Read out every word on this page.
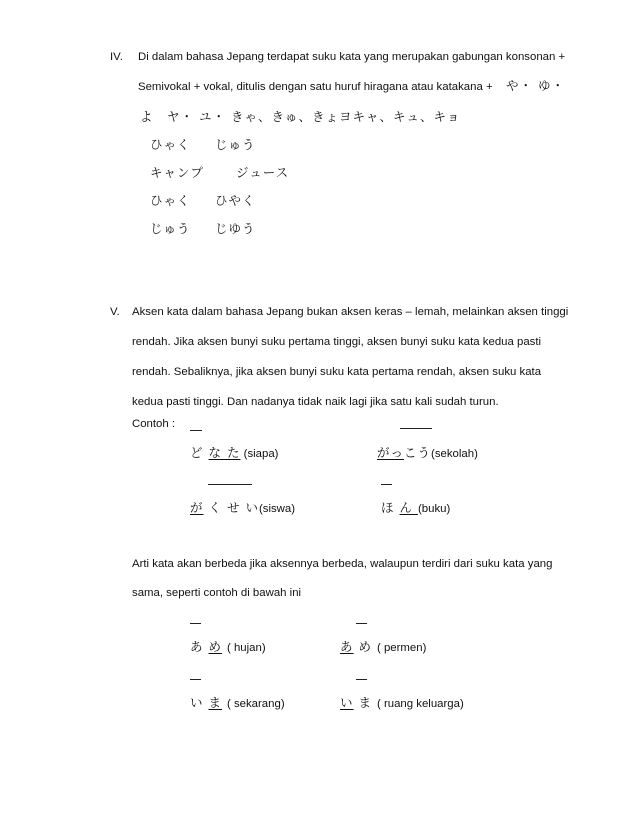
IV. Di dalam bahasa Jepang terdapat suku kata yang merupakan gabungan konsonan +
Semivokal + vokal, ditulis dengan satu huruf hiragana atau katakana + や・ ゆ・
よ　ヤ・ ユ・ きゃ、きゅ、きょヨキャ、キュ、キョ
ひゃく じゅう
キャンプ	ジュース
ひゃく ひやく
じゅう じゆう
V. Aksen kata dalam bahasa Jepang bukan aksen keras – lemah, melainkan aksen tinggi
rendah. Jika aksen bunyi suku pertama tinggi, aksen bunyi suku kata kedua pasti
rendah. Sebaliknya, jika aksen bunyi suku kata pertama rendah, aksen suku kata
kedua pasti tinggi. Dan nadanya tidak naik lagi jika satu kali sudah turun.
Contoh :
ど な た (siapa)	がっこう(sekolah)
が く せ い(siswa)	ほ ん (buku)
Arti kata akan berbeda jika aksennya berbeda, walaupun terdiri dari suku kata yang
sama, seperti contoh di bawah ini
あ め ( hujan)	あ め ( permen)
い ま ( sekarang)	い ま ( ruang keluarga)
